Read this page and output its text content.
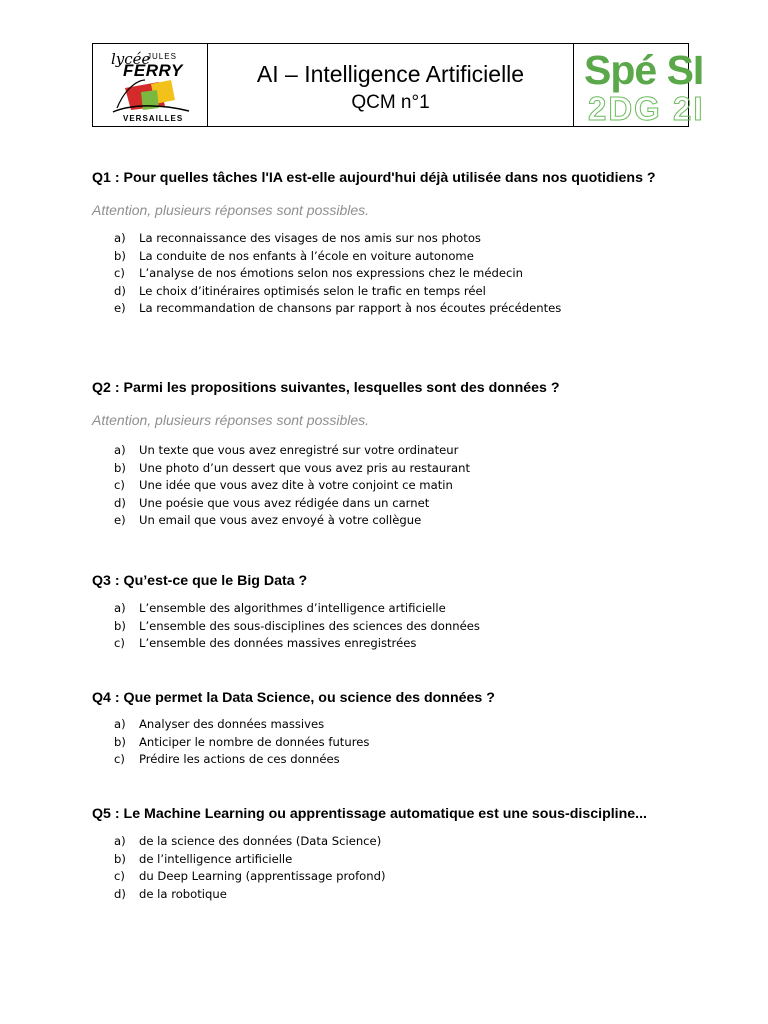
lycée
JULES
FERRY
VERSAILLES
AI – Intelligence Artificielle
QCM n°1
Spé SI
2DG 2I

Q1 : Pour quelles tâches l'IA est-elle aujourd'hui déjà utilisée dans nos quotidiens ?

Attention, plusieurs réponses sont possibles.

a)	La reconnaissance des visages de nos amis sur nos photos
b)	La conduite de nos enfants à l’école en voiture autonome
c)	L’analyse de nos émotions selon nos expressions chez le médecin
d)	Le choix d’itinéraires optimisés selon le trafic en temps réel
e)	La recommandation de chansons par rapport à nos écoutes précédentes

Q2 : Parmi les propositions suivantes, lesquelles sont des données ?

Attention, plusieurs réponses sont possibles.

a)	Un texte que vous avez enregistré sur votre ordinateur
b)	Une photo d’un dessert que vous avez pris au restaurant
c)	Une idée que vous avez dite à votre conjoint ce matin
d)	Une poésie que vous avez rédigée dans un carnet
e)	Un email que vous avez envoyé à votre collègue

Q3 : Qu’est-ce que le Big Data ?

a)	L’ensemble des algorithmes d’intelligence artificielle
b)	L’ensemble des sous-disciplines des sciences des données
c)	L’ensemble des données massives enregistrées

Q4 : Que permet la Data Science, ou science des données ?

a)	Analyser des données massives
b)	Anticiper le nombre de données futures
c)	Prédire les actions de ces données

Q5 : Le Machine Learning ou apprentissage automatique est une sous-discipline...

a)	de la science des données (Data Science)
b)	de l’intelligence artificielle
c)	du Deep Learning (apprentissage profond)
d)	de la robotique
